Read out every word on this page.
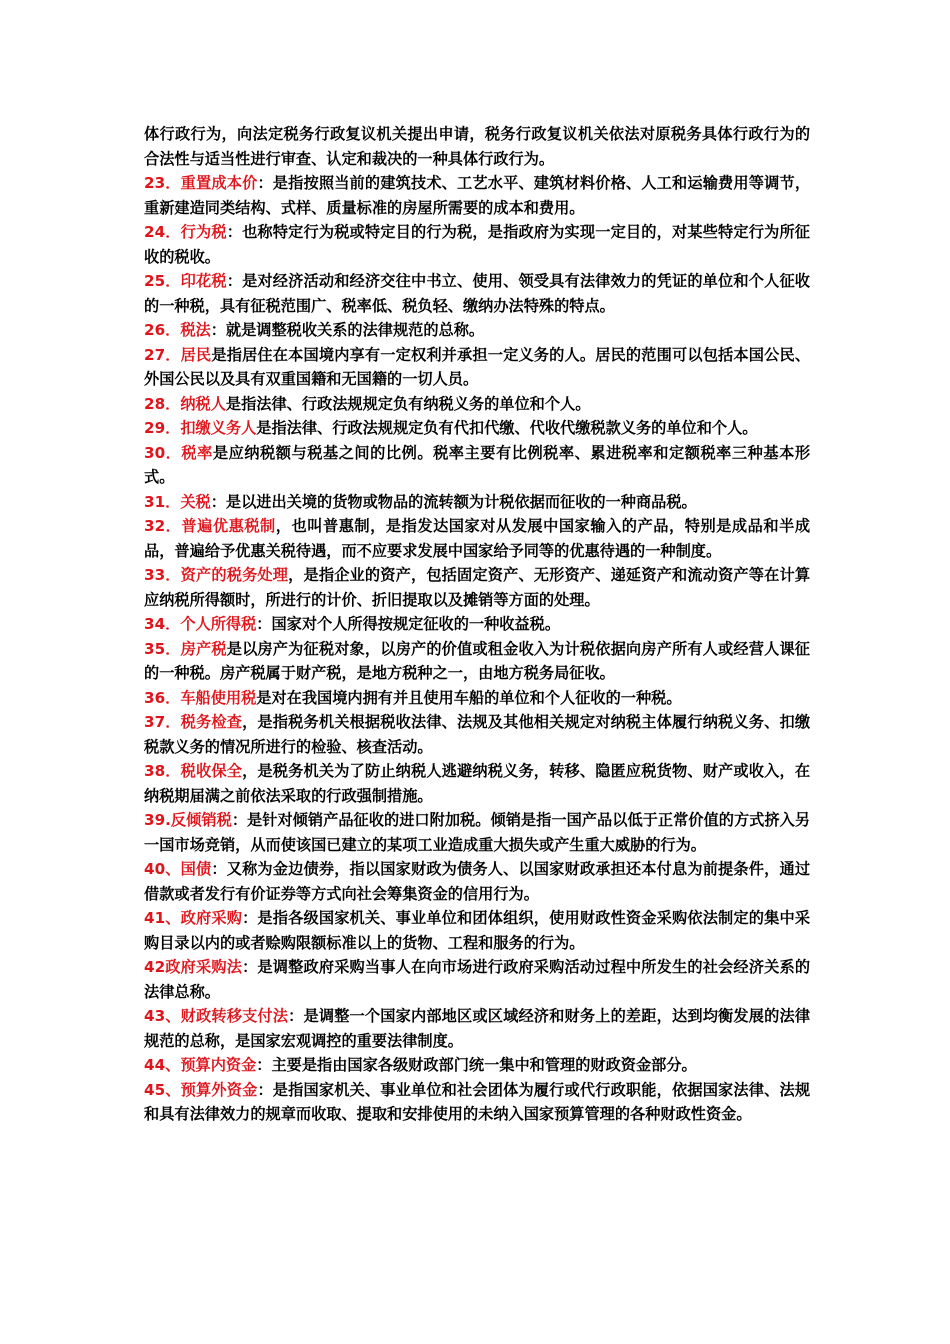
体行政行为，向法定税务行政复议机关提出申请，税务行政复议机关依法对原税务具体行政行为的合法性与适当性进行审查、认定和裁决的一种具体行政行为。

23．重置成本价：是指按照当前的建筑技术、工艺水平、建筑材料价格、人工和运输费用等调节，重新建造同类结构、式样、质量标准的房屋所需要的成本和费用。

24．行为税：也称特定行为税或特定目的行为税，是指政府为实现一定目的，对某些特定行为所征收的税收。

25．印花税：是对经济活动和经济交往中书立、使用、领受具有法律效力的凭证的单位和个人征收的一种税，具有征税范围广、税率低、税负轻、缴纳办法特殊的特点。

26．税法：就是调整税收关系的法律规范的总称。

27．居民是指居住在本国境内享有一定权利并承担一定义务的人。居民的范围可以包括本国公民、外国公民以及具有双重国籍和无国籍的一切人员。

28．纳税人是指法律、行政法规规定负有纳税义务的单位和个人。

29．扣缴义务人是指法律、行政法规规定负有代扣代缴、代收代缴税款义务的单位和个人。

30．税率是应纳税额与税基之间的比例。税率主要有比例税率、累进税率和定额税率三种基本形式。

31．关税：是以进出关境的货物或物品的流转额为计税依据而征收的一种商品税。

32．普遍优惠税制，也叫普惠制，是指发达国家对从发展中国家输入的产品，特别是成品和半成品，普遍给予优惠关税待遇，而不应要求发展中国家给予同等的优惠待遇的一种制度。

33．资产的税务处理，是指企业的资产，包括固定资产、无形资产、递延资产和流动资产等在计算应纳税所得额时，所进行的计价、折旧提取以及摊销等方面的处理。

34．个人所得税：国家对个人所得按规定征收的一种收益税。

35．房产税是以房产为征税对象，以房产的价值或租金收入为计税依据向房产所有人或经营人课征的一种税。房产税属于财产税，是地方税种之一，由地方税务局征收。

36．车船使用税是对在我国境内拥有并且使用车船的单位和个人征收的一种税。

37．税务检查，是指税务机关根据税收法律、法规及其他相关规定对纳税主体履行纳税义务、扣缴税款义务的情况所进行的检验、核查活动。

38．税收保全，是税务机关为了防止纳税人逃避纳税义务，转移、隐匿应税货物、财产或收入，在纳税期届满之前依法采取的行政强制措施。

39.反倾销税：是针对倾销产品征收的进口附加税。倾销是指一国产品以低于正常价值的方式挤入另一国市场竞销，从而使该国已建立的某项工业造成重大损失或产生重大威胁的行为。

40、国债：又称为金边债券，指以国家财政为债务人、以国家财政承担还本付息为前提条件，通过借款或者发行有价证券等方式向社会筹集资金的信用行为。

41、政府采购：是指各级国家机关、事业单位和团体组织，使用财政性资金采购依法制定的集中采购目录以内的或者赊购限额标准以上的货物、工程和服务的行为。

42政府采购法：是调整政府采购当事人在向市场进行政府采购活动过程中所发生的社会经济关系的法律总称。

43、财政转移支付法：是调整一个国家内部地区或区域经济和财务上的差距，达到均衡发展的法律规范的总称，是国家宏观调控的重要法律制度。

44、预算内资金：主要是指由国家各级财政部门统一集中和管理的财政资金部分。

45、预算外资金：是指国家机关、事业单位和社会团体为履行或代行政职能，依据国家法律、法规和具有法律效力的规章而收取、提取和安排使用的未纳入国家预算管理的各种财政性资金。
